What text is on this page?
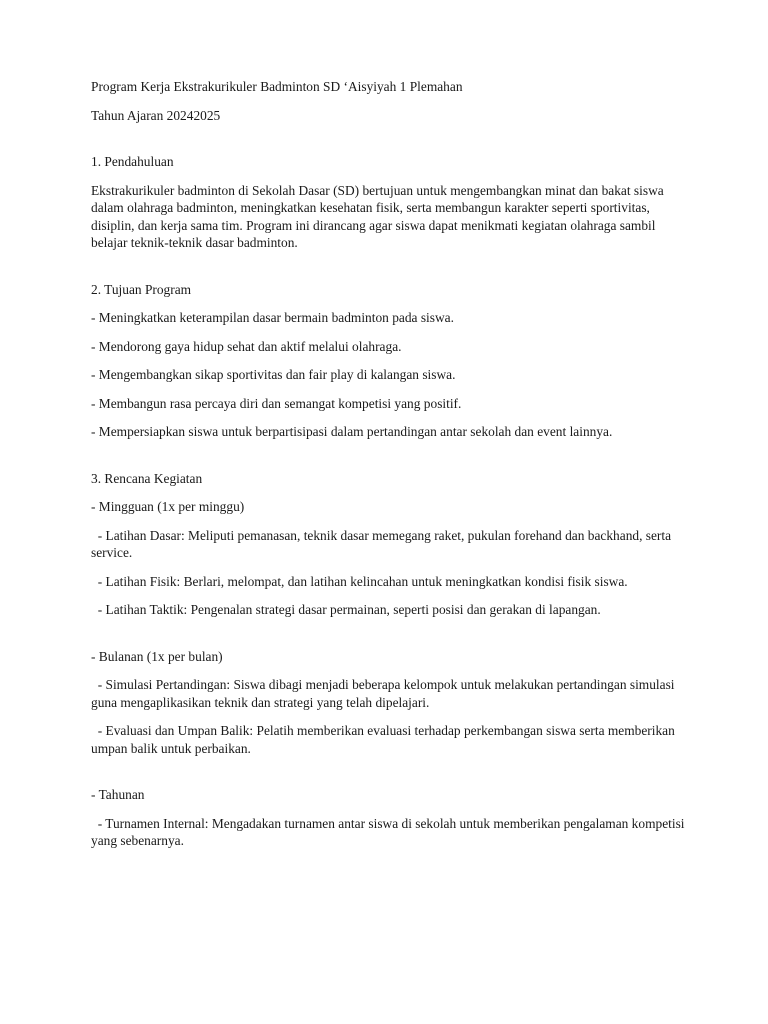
Program Kerja Ekstrakurikuler Badminton SD ‘Aisyiyah 1 Plemahan

Tahun Ajaran 20242025

1. Pendahuluan

Ekstrakurikuler badminton di Sekolah Dasar (SD) bertujuan untuk mengembangkan minat dan bakat siswa dalam olahraga badminton, meningkatkan kesehatan fisik, serta membangun karakter seperti sportivitas, disiplin, dan kerja sama tim. Program ini dirancang agar siswa dapat menikmati kegiatan olahraga sambil belajar teknik-teknik dasar badminton.

2. Tujuan Program

- Meningkatkan keterampilan dasar bermain badminton pada siswa.

- Mendorong gaya hidup sehat dan aktif melalui olahraga.

- Mengembangkan sikap sportivitas dan fair play di kalangan siswa.

- Membangun rasa percaya diri dan semangat kompetisi yang positif.

- Mempersiapkan siswa untuk berpartisipasi dalam pertandingan antar sekolah dan event lainnya.

3. Rencana Kegiatan

- Mingguan (1x per minggu)

- Latihan Dasar: Meliputi pemanasan, teknik dasar memegang raket, pukulan forehand dan backhand, serta service.

- Latihan Fisik: Berlari, melompat, dan latihan kelincahan untuk meningkatkan kondisi fisik siswa.

- Latihan Taktik: Pengenalan strategi dasar permainan, seperti posisi dan gerakan di lapangan.

- Bulanan (1x per bulan)

- Simulasi Pertandingan: Siswa dibagi menjadi beberapa kelompok untuk melakukan pertandingan simulasi guna mengaplikasikan teknik dan strategi yang telah dipelajari.

- Evaluasi dan Umpan Balik: Pelatih memberikan evaluasi terhadap perkembangan siswa serta memberikan umpan balik untuk perbaikan.

- Tahunan

- Turnamen Internal: Mengadakan turnamen antar siswa di sekolah untuk memberikan pengalaman kompetisi yang sebenarnya.
